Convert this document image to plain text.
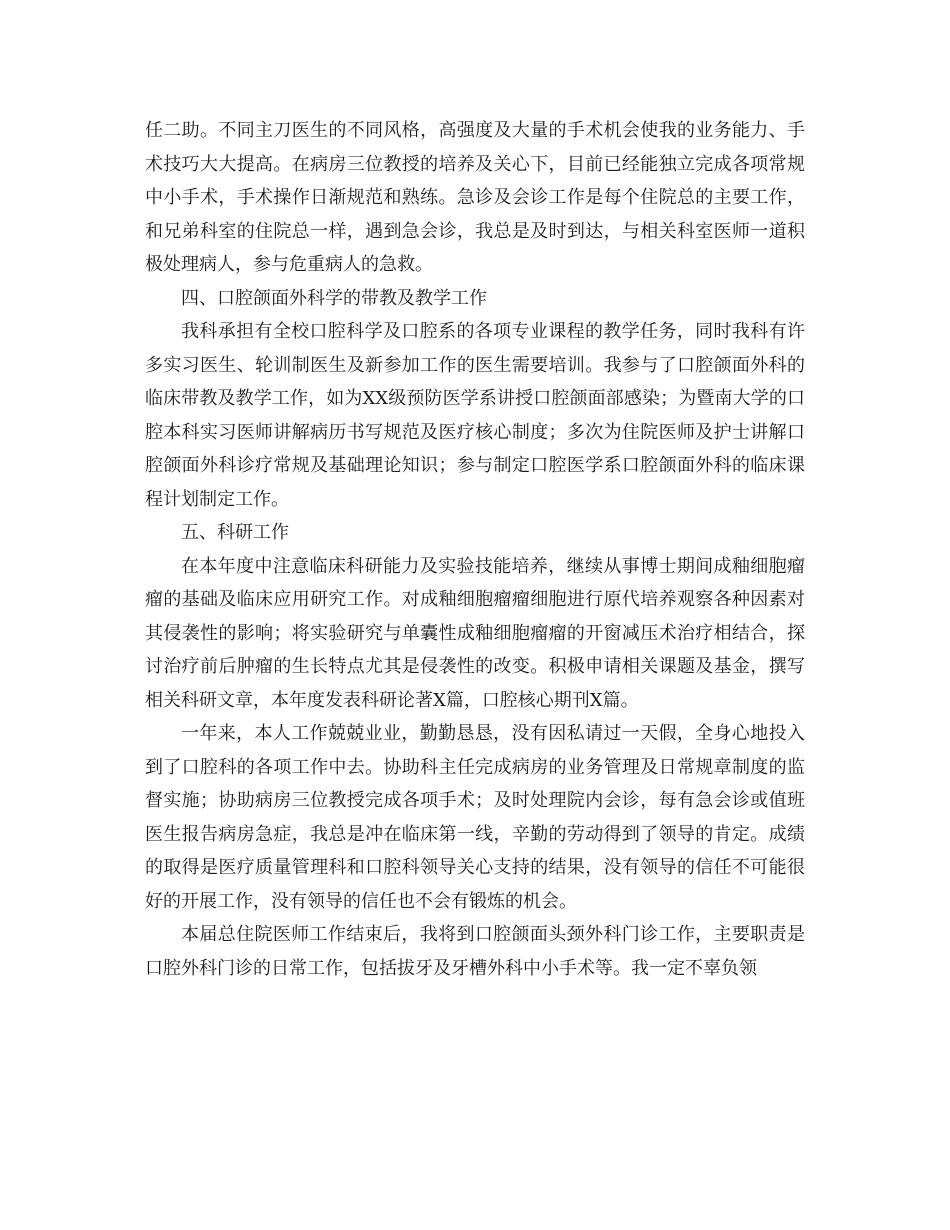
任二助。不同主刀医生的不同风格，高强度及大量的手术机会使我的业务能力、手术技巧大大提高。在病房三位教授的培养及关心下，目前已经能独立完成各项常规中小手术，手术操作日渐规范和熟练。急诊及会诊工作是每个住院总的主要工作，和兄弟科室的住院总一样，遇到急会诊，我总是及时到达，与相关科室医师一道积极处理病人，参与危重病人的急救。

四、口腔颌面外科学的带教及教学工作

我科承担有全校口腔科学及口腔系的各项专业课程的教学任务，同时我科有许多实习医生、轮训制医生及新参加工作的医生需要培训。我参与了口腔颌面外科的临床带教及教学工作，如为XX级预防医学系讲授口腔颌面部感染；为暨南大学的口腔本科实习医师讲解病历书写规范及医疗核心制度；多次为住院医师及护士讲解口腔颌面外科诊疗常规及基础理论知识；参与制定口腔医学系口腔颌面外科的临床课程计划制定工作。

五、科研工作

在本年度中注意临床科研能力及实验技能培养，继续从事博士期间成釉细胞瘤瘤的基础及临床应用研究工作。对成釉细胞瘤瘤细胞进行原代培养观察各种因素对其侵袭性的影响；将实验研究与单囊性成釉细胞瘤瘤的开窗减压术治疗相结合，探讨治疗前后肿瘤的生长特点尤其是侵袭性的改变。积极申请相关课题及基金，撰写相关科研文章，本年度发表科研论著X篇，口腔核心期刊X篇。

一年来，本人工作兢兢业业，勤勤恳恳，没有因私请过一天假，全身心地投入到了口腔科的各项工作中去。协助科主任完成病房的业务管理及日常规章制度的监督实施；协助病房三位教授完成各项手术；及时处理院内会诊，每有急会诊或值班医生报告病房急症，我总是冲在临床第一线，辛勤的劳动得到了领导的肯定。成绩的取得是医疗质量管理科和口腔科领导关心支持的结果，没有领导的信任不可能很好的开展工作，没有领导的信任也不会有锻炼的机会。

本届总住院医师工作结束后，我将到口腔颌面头颈外科门诊工作，主要职责是口腔外科门诊的日常工作，包括拔牙及牙槽外科中小手术等。我一定不辜负领
